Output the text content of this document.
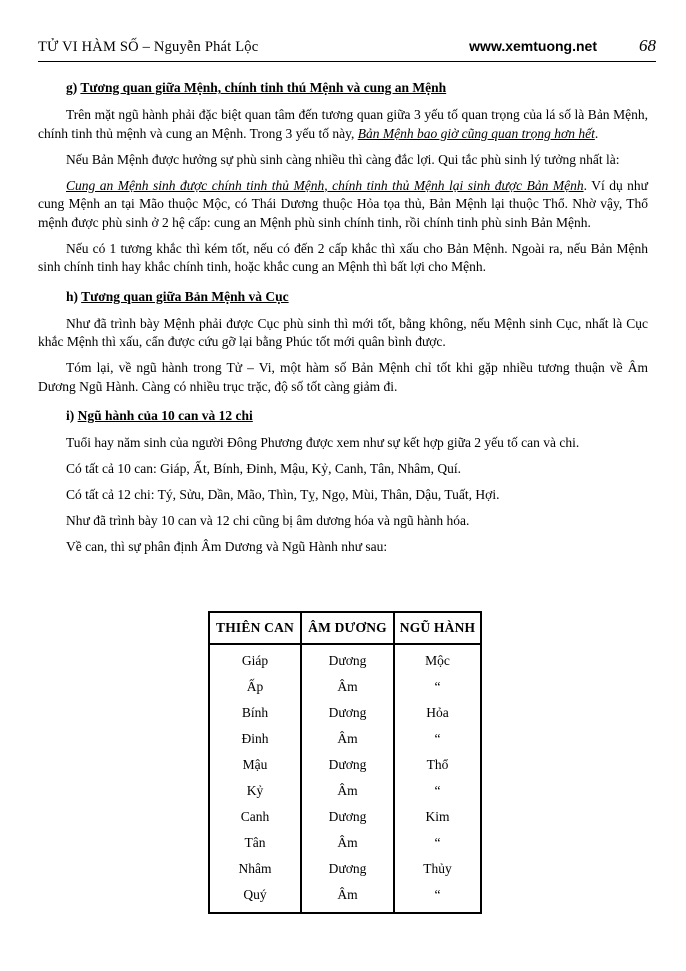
TỬ VI HÀM SỐ – Nguyễn Phát Lộc	www.xemtuong.net 68

g) Tương quan giữa Mệnh, chính tinh thú Mệnh và cung an Mệnh

Trên mặt ngũ hành phải đặc biệt quan tâm đến tương quan giữa 3 yếu tố quan trọng của lá số là Bản Mệnh, chính tinh thủ mệnh và cung an Mệnh. Trong 3 yếu tố này, Bản Mệnh bao giờ cũng quan trọng hơn hết.

Nếu Bản Mệnh được hưởng sự phù sinh càng nhiều thì càng đắc lợi. Qui tắc phù sinh lý tưởng nhất là:

Cung an Mệnh sinh được chính tinh thủ Mệnh, chính tinh thủ Mệnh lại sinh được Bản Mệnh. Ví dụ như cung Mệnh an tại Mão thuộc Mộc, có Thái Dương thuộc Hỏa tọa thủ, Bản Mệnh lại thuộc Thổ. Nhờ vậy, Thổ mệnh được phù sinh ở 2 hệ cấp: cung an Mệnh phù sinh chính tinh, rồi chính tinh phù sinh Bản Mệnh.

Nếu có 1 tương khắc thì kém tốt, nếu có đến 2 cấp khắc thì xấu cho Bản Mệnh. Ngoài ra, nếu Bản Mệnh sinh chính tinh hay khắc chính tinh, hoặc khắc cung an Mệnh thì bất lợi cho Mệnh.

h) Tương quan giữa Bản Mệnh và Cục

Như đã trình bày Mệnh phải được Cục phù sinh thì mới tốt, bằng không, nếu Mệnh sinh Cục, nhất là Cục khắc Mệnh thì xấu, cẩn được cứu gỡ lại bằng Phúc tốt mới quân bình được.

Tóm lại, về ngũ hành trong Tử – Vi, một hàm số Bản Mệnh chỉ tốt khi gặp nhiều tương thuận về Âm Dương Ngũ Hành. Càng có nhiều trục trặc, độ số tốt càng giảm đi.

i) Ngũ hành của 10 can và 12 chi

Tuổi hay năm sinh của người Đông Phương được xem như sự kết hợp giữa 2 yếu tố can và chi.

Có tất cả 10 can: Giáp, Ất, Bính, Đinh, Mậu, Kỷ, Canh, Tân, Nhâm, Quí.

Có tất cả 12 chi: Tý, Sửu, Dần, Mão, Thìn, Tỵ, Ngọ, Mùi, Thân, Dậu, Tuất, Hợi.

Như đã trình bày 10 can và 12 chi cũng bị âm dương hóa và ngũ hành hóa.

Về can, thì sự phân định Âm Dương và Ngũ Hành như sau:

THIÊN CAN	ÂM DƯƠNG	NGŨ HÀNH
Giáp	Dương	Mộc
Ấp	Âm	“
Bính	Dương	Hỏa
Đinh	Âm	“
Mậu	Dương	Thổ
Kỷ	Âm	“
Canh	Dương	Kim
Tân	Âm	“
Nhâm	Dương	Thủy
Quý	Âm	“
